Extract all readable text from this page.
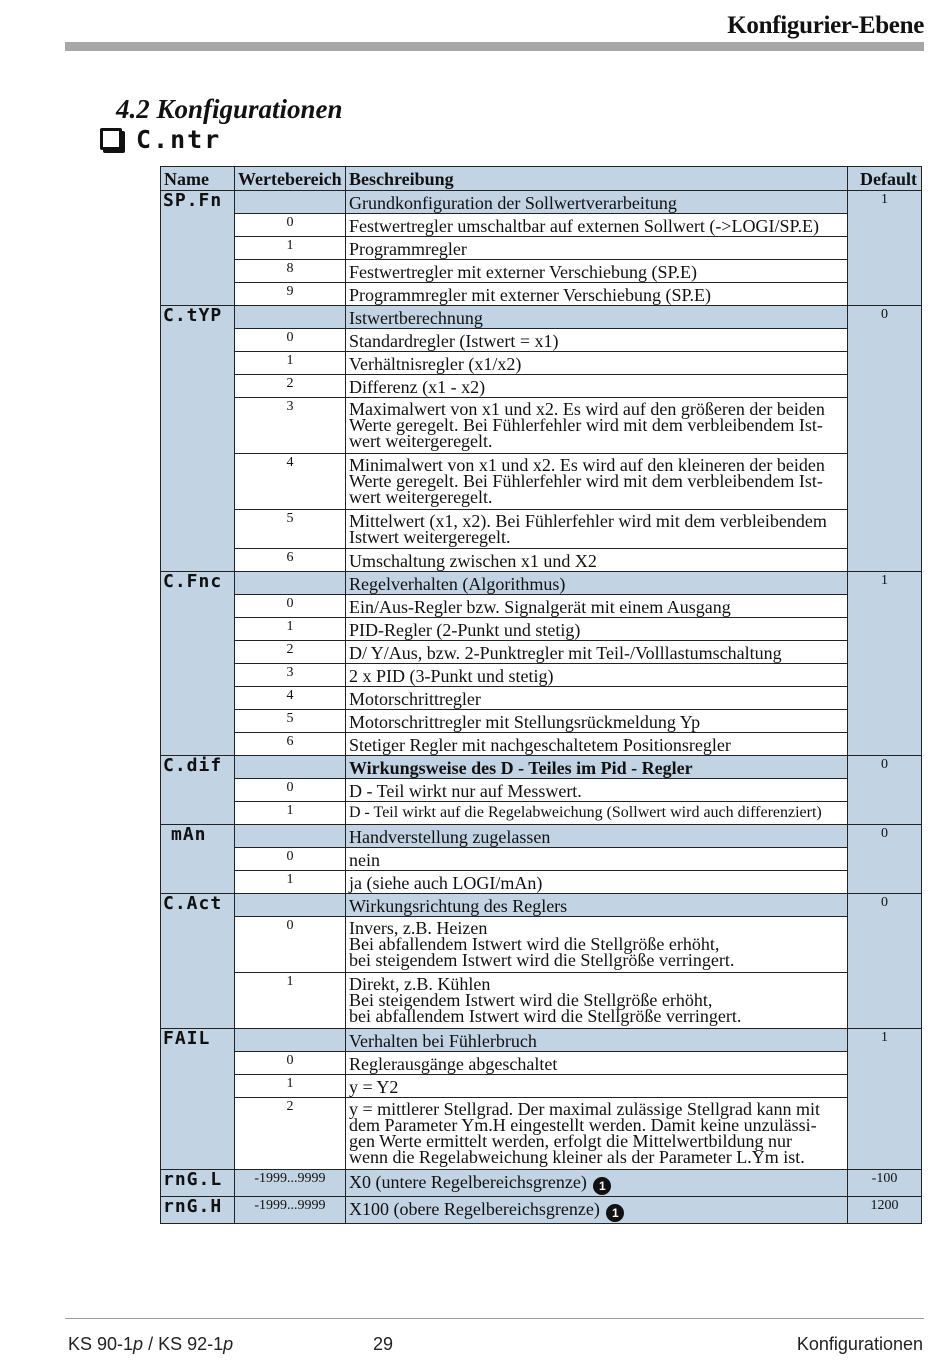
Konfigurier-Ebene
4.2 Konfigurationen
C.ntr
Name	Wertebereich	Beschreibung	Default
SP.Fn		Grundkonfiguration der Sollwertverarbeitung	1
	0	Festwertregler umschaltbar auf externen Sollwert (->LOGI/SP.E)	
	1	Programmregler	
	8	Festwertregler mit externer Verschiebung (SP.E)	
	9	Programmregler mit externer Verschiebung (SP.E)	
C.tYP		Istwertberechnung	0
	0	Standardregler (Istwert = x1)	
	1	Verhältnisregler (x1/x2)	
	2	Differenz (x1 - x2)	
	3	Maximalwert von x1 und x2. Es wird auf den größeren der beiden
Werte geregelt. Bei Fühlerfehler wird mit dem verbleibendem Ist-
wert weitergeregelt.	

	4	Minimalwert von x1 und x2. Es wird auf den kleineren der beiden
Werte geregelt. Bei Fühlerfehler wird mit dem verbleibendem Ist-
wert weitergeregelt.	

	5	Mittelwert (x1, x2). Bei Fühlerfehler wird mit dem verbleibendem
Istwert weitergeregelt.	

	6	Umschaltung zwischen x1 und X2	
C.Fnc		Regelverhalten (Algorithmus)	1
	0	Ein/Aus-Regler bzw. Signalgerät mit einem Ausgang	
	1	PID-Regler (2-Punkt und stetig)	
	2	D/ Y/Aus, bzw. 2-Punktregler mit Teil-/Volllastumschaltung	
	3	2 x PID (3-Punkt und stetig)	
	4	Motorschrittregler	
	5	Motorschrittregler mit Stellungsrückmeldung Yp	
	6	Stetiger Regler mit nachgeschaltetem Positionsregler	
C.dif		Wirkungsweise des D - Teiles im Pid - Regler	0
	0	D - Teil wirkt nur auf Messwert.	
	1	D - Teil wirkt auf die Regelabweichung (Sollwert wird auch differenziert)	
mAn		Handverstellung zugelassen	0
	0	nein	
	1	ja (siehe auch LOGI/mAn)	
C.Act		Wirkungsrichtung des Reglers	0
	0	Invers, z.B. Heizen
Bei abfallendem Istwert wird die Stellgröße erhöht,
bei steigendem Istwert wird die Stellgröße verringert.	

	1	Direkt, z.B. Kühlen
Bei steigendem Istwert wird die Stellgröße erhöht,
bei abfallendem Istwert wird die Stellgröße verringert.	

FAIL		Verhalten bei Fühlerbruch	1
	0	Reglerausgänge abgeschaltet	
	1	y = Y2	
	2	y = mittlerer Stellgrad. Der maximal zulässige Stellgrad kann mit
dem Parameter Ym.H eingestellt werden. Damit keine unzulässi-
gen Werte ermittelt werden, erfolgt die Mittelwertbildung nur
wenn die Regelabweichung kleiner als der Parameter L.Ym ist.	

rnG.L	-1999...9999	X0 (untere Regelbereichsgrenze) 1	-100
rnG.H	-1999...9999	X100 (obere Regelbereichsgrenze) 1	1200
KS 90-1p / KS 92-1p	29	Konfigurationen
